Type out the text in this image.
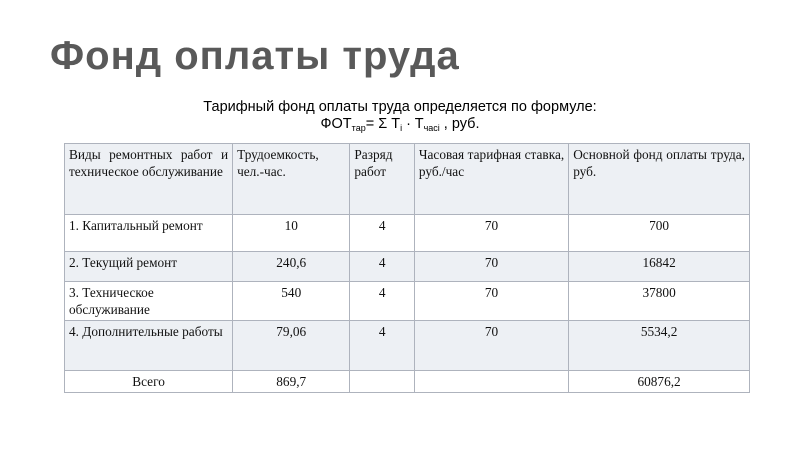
Фонд оплаты труда
Тарифный фонд оплаты труда определяется по формуле:
$ФОТ_{тар}= \Sigma$ $T_i \cdot T_{часi}$ , руб.
Виды ремонтных работ и техническое обслуживание	Трудоемкость, чел.-час.	Разряд работ	Часовая тарифная ставка, руб./час	Основной фонд оплаты труда, руб.
1. Капитальный ремонт	10	4	70	700
2. Текущий ремонт	240,6	4	70	16842
3. Техническое обслуживание	540	4	70	37800
4. Дополнительные работы	79,06	4	70	5534,2
Всего	869,7			60876,2
